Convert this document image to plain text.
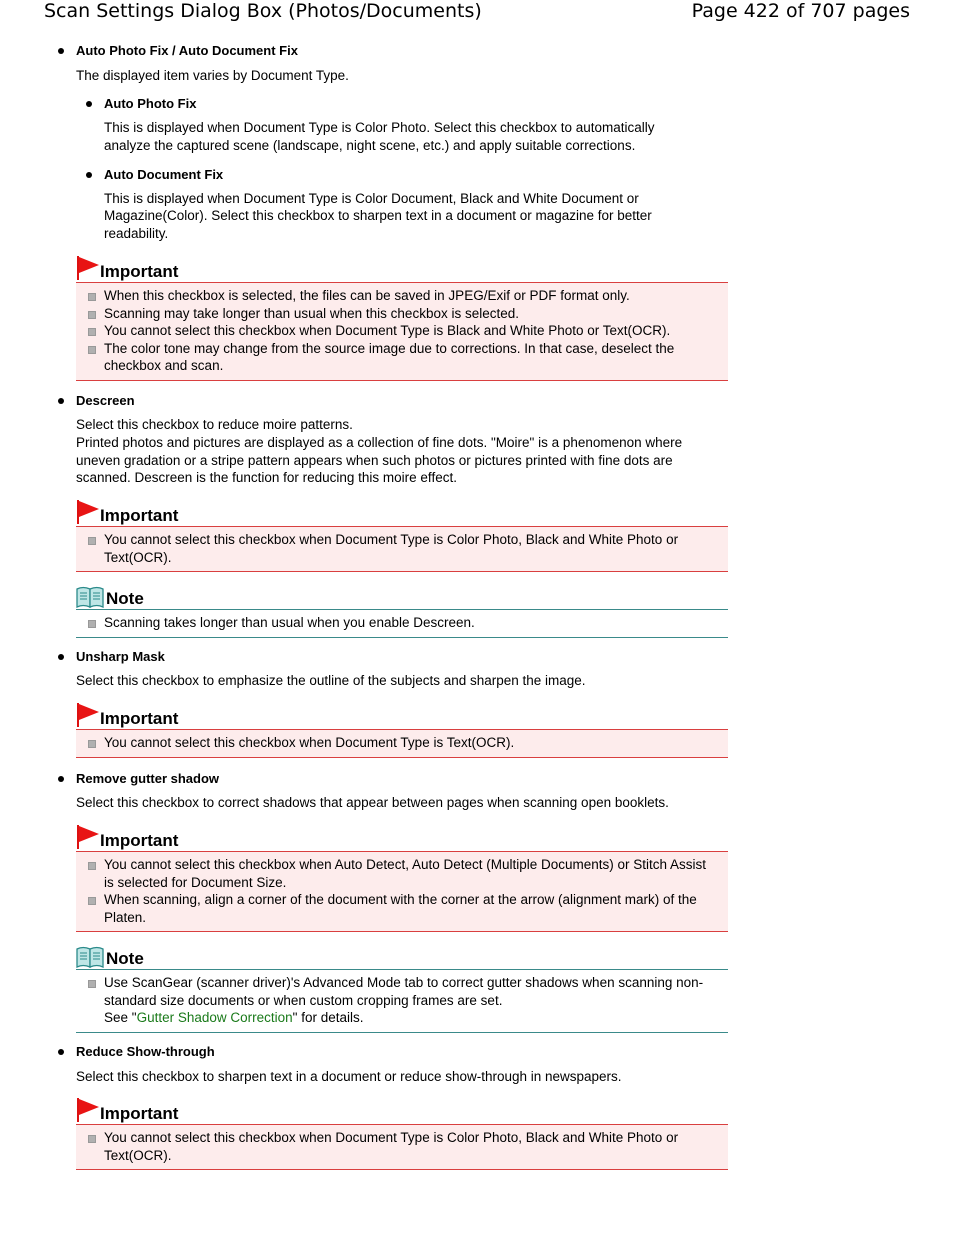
Scan Settings Dialog Box (Photos/Documents)	Page 422 of 707 pages
Auto Photo Fix / Auto Document Fix
The displayed item varies by Document Type.
Auto Photo Fix
This is displayed when Document Type is Color Photo. Select this checkbox to automatically
analyze the captured scene (landscape, night scene, etc.) and apply suitable corrections.
Auto Document Fix
This is displayed when Document Type is Color Document, Black and White Document or
Magazine(Color). Select this checkbox to sharpen text in a document or magazine for better
readability.
Important
When this checkbox is selected, the files can be saved in JPEG/Exif or PDF format only.
Scanning may take longer than usual when this checkbox is selected.
You cannot select this checkbox when Document Type is Black and White Photo or Text(OCR).
The color tone may change from the source image due to corrections. In that case, deselect the checkbox and scan.
Descreen
Select this checkbox to reduce moire patterns.
Printed photos and pictures are displayed as a collection of fine dots. "Moire" is a phenomenon where
uneven gradation or a stripe pattern appears when such photos or pictures printed with fine dots are
scanned. Descreen is the function for reducing this moire effect.
Important
You cannot select this checkbox when Document Type is Color Photo, Black and White Photo or Text(OCR).
Note
Scanning takes longer than usual when you enable Descreen.
Unsharp Mask
Select this checkbox to emphasize the outline of the subjects and sharpen the image.
Important
You cannot select this checkbox when Document Type is Text(OCR).
Remove gutter shadow
Select this checkbox to correct shadows that appear between pages when scanning open booklets.
Important
You cannot select this checkbox when Auto Detect, Auto Detect (Multiple Documents) or Stitch Assist is selected for Document Size.
When scanning, align a corner of the document with the corner at the arrow (alignment mark) of the Platen.
Note
Use ScanGear (scanner driver)'s Advanced Mode tab to correct gutter shadows when scanning non-standard size documents or when custom cropping frames are set.
See "Gutter Shadow Correction" for details.
Reduce Show-through
Select this checkbox to sharpen text in a document or reduce show-through in newspapers.
Important
You cannot select this checkbox when Document Type is Color Photo, Black and White Photo or Text(OCR).
